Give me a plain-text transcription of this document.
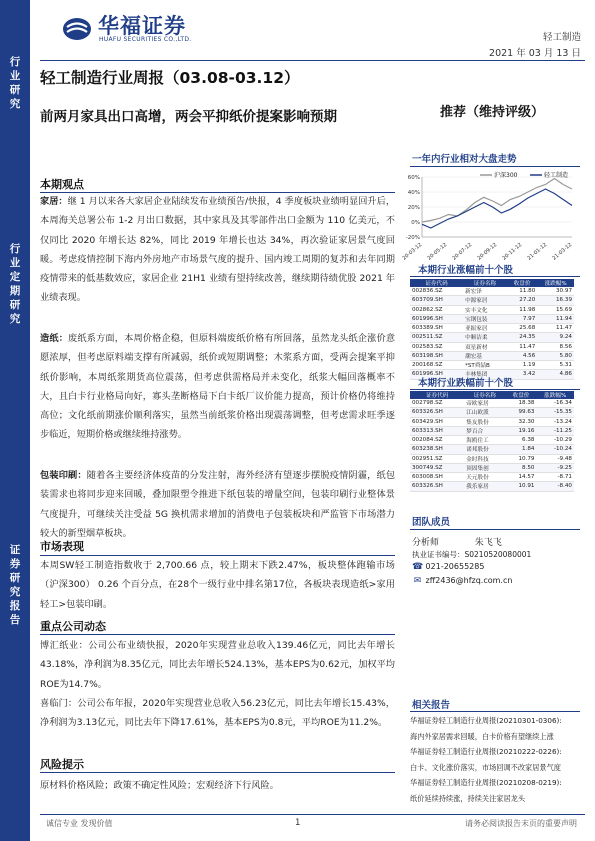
行业研究
行业定期研究
证券研究报告
华福证券
HUAFU SECURITIES CO.,LTD.	轻工制造
2021 年 03 月 13 日
轻工制造行业周报（03.08-03.12）
前两月家具出口高增，两会平抑纸价提案影响预期	推荐（维持评级）
本期观点
家居：继 1 月以来各大家居企业陆续发布业绩预告/快报，4 季度板块业绩明显回升后，本周海关总署公布 1-2 月出口数据，其中家具及其零部件出口金额为 110 亿美元，不仅同比 2020 年增长达 82%，同比 2019 年增长也达 34%，再次验证家居景气度回暖。考虑疫情控制下海内外房地产市场景气度的提升、国内竣工周期的复苏和去年同期疫情带来的低基数效应，家居企业 21H1 业绩有望持续改善，继续期待绩优股 2021 年业绩表现。
造纸：废纸系方面，本周价格企稳，但原料端废纸价格有所回落，虽然龙头纸企涨价意愿浓厚，但考虑原料端支撑有所减弱，纸价或短期调整；木浆系方面，受两会提案平抑纸价影响，本周纸浆期货高位震荡，但考虑供需格局并未变化，纸浆大幅回落概率不大，且白卡行业格局向好，寡头垄断格局下白卡纸厂议价能力提高，预计价格仍将维持高位；文化纸前期涨价顺利落实，虽然当前纸浆价格出现震荡调整，但考虑需求旺季逐步临近，短期价格或继续维持涨势。
包装印刷：随着各主要经济体疫苗的分发注射，海外经济有望逐步摆脱疫情阴霾，纸包装需求也将同步迎来回暖，叠加限塑令推进下纸包装的增量空间，包装印刷行业整体景气度提升，可继续关注受益 5G 换机需求增加的消费电子包装板块和严监管下市场潜力较大的新型烟草板块。
市场表现
本周SW轻工制造指数收于 2,700.66 点，较上期末下跌2.47%，板块整体跑输市场（沪深300） 0.26 个百分点，在28个一级行业中排名第17位，各板块表现造纸>家用轻工>包装印刷。
重点公司动态
博汇纸业：公司公布业绩快报，2020年实现营业总收入139.46亿元，同比去年增长43.18%，净利润为8.35亿元，同比去年增长524.13%，基本EPS为0.62元，加权平均ROE为14.7%。
喜临门：公司公布年报，2020年实现营业总收入56.23亿元，同比去年增长15.43%，净利润为3.13亿元，同比去年下降17.61%，基本EPS为0.8元，平均ROE为11.2%。
风险提示
原材料价格风险；政策不确定性风险；宏观经济下行风险。
一年内行业相对大盘走势
-20%
0%
20%
40%
60%
20-03-12 20-05-12 20-07-12 20-09-12 20-11-12 21-01-12 21-03-12
沪深300	轻工制造
本期行业涨幅前十个股
证券代码	证券名称	收盘价	涨跌幅%
002836.SZ	新宏泽	11.80	30.97
603709.SH	中源家居	27.20	16.39
002862.SZ	实丰文化	11.98	15.69
601996.SH	宝钢包装	7.97	11.94
603389.SH	亚振家居	25.68	11.47
002511.SZ	中顺洁柔	24.35	9.24
002583.SZ	双星新材	11.47	8.56
603198.SH	潮宏基	4.56	5.80
200168.SZ	*ST舜喆B	1.19	5.31
601996.SH	丰林集团	3.42	4.86
本期行业跌幅前十个股
证券代码	证券名称	收盘价	涨跌幅%
002798.SZ	帝欧家居	18.38	-16.34
603326.SH	江山欧派	99.63	-15.35
603429.SH	集友股份	32.30	-13.24
603313.SH	梦百合	19.16	-11.25
002084.SZ	海鸥住工	6.38	-10.29
603238.SH	诺邦股份	1.84	-10.24
002951.SZ	金时科技	10.79	-9.48
300749.SZ	顶固集创	8.50	-9.25
603008.SH	天元股份	14.57	-8.71
603326.SH	我乐家居	10.91	-8.40
团队成员
分析师	朱飞飞
执业证书编号：S0210520080001
☎ 021-20655285
✉ zff2436@hfzq.com.cn
相关报告
华福证券轻工制造行业周报(20210301-0306):
海内外家居需求回暖，白卡价格有望继续上涨
华福证券轻工制造行业周报(20210222-0226):
白卡、文化涨价落实，市场回调不改家居景气度
华福证券轻工制造行业周报(20210208-0219):
纸价延续持续涨，持续关注家居龙头
诚信专业 发现价值	1	请务必阅读报告末页的重要声明
